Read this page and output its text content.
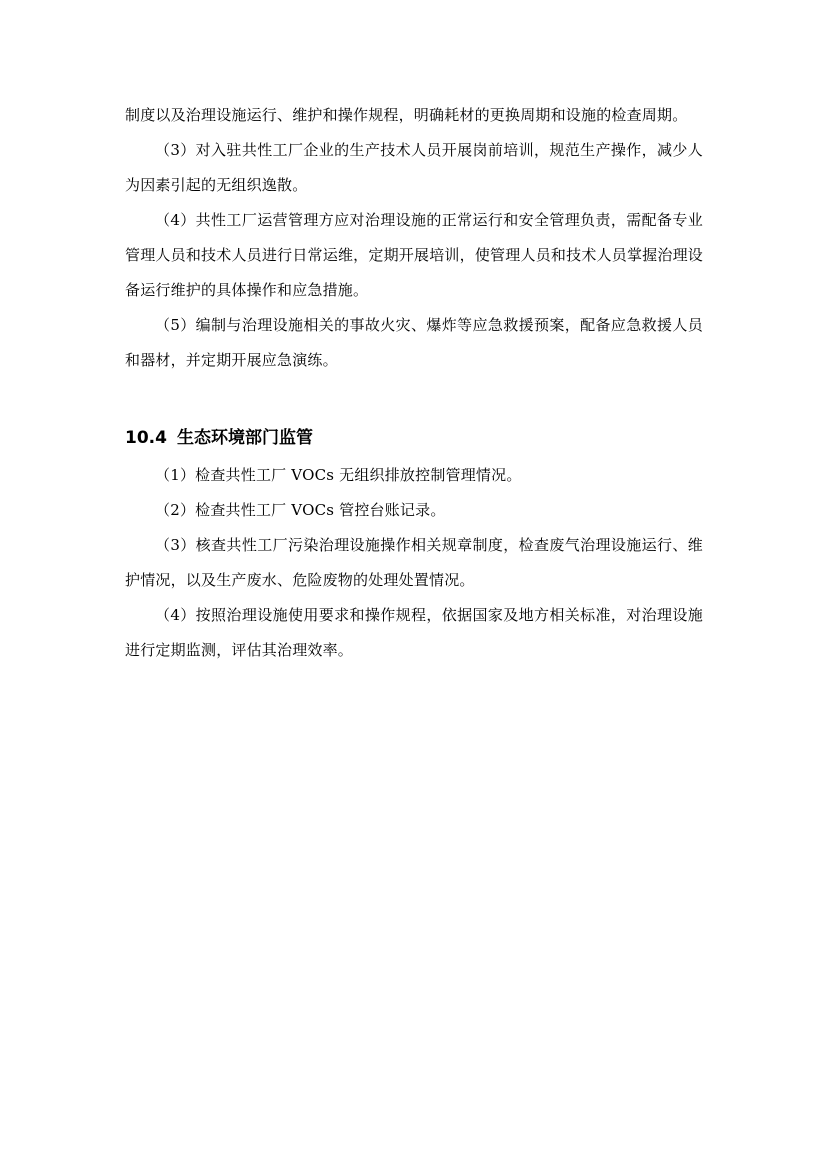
制度以及治理设施运行、维护和操作规程，明确耗材的更换周期和设施的检查周期。

（3）对入驻共性工厂企业的生产技术人员开展岗前培训，规范生产操作，减少人为因素引起的无组织逸散。

（4）共性工厂运营管理方应对治理设施的正常运行和安全管理负责，需配备专业管理人员和技术人员进行日常运维，定期开展培训，使管理人员和技术人员掌握治理设备运行维护的具体操作和应急措施。

（5）编制与治理设施相关的事故火灾、爆炸等应急救援预案，配备应急救援人员和器材，并定期开展应急演练。

10.4 生态环境部门监管

（1）检查共性工厂 VOCs 无组织排放控制管理情况。

（2）检查共性工厂 VOCs 管控台账记录。

（3）核查共性工厂污染治理设施操作相关规章制度，检查废气治理设施运行、维护情况，以及生产废水、危险废物的处理处置情况。

（4）按照治理设施使用要求和操作规程，依据国家及地方相关标准，对治理设施进行定期监测，评估其治理效率。
